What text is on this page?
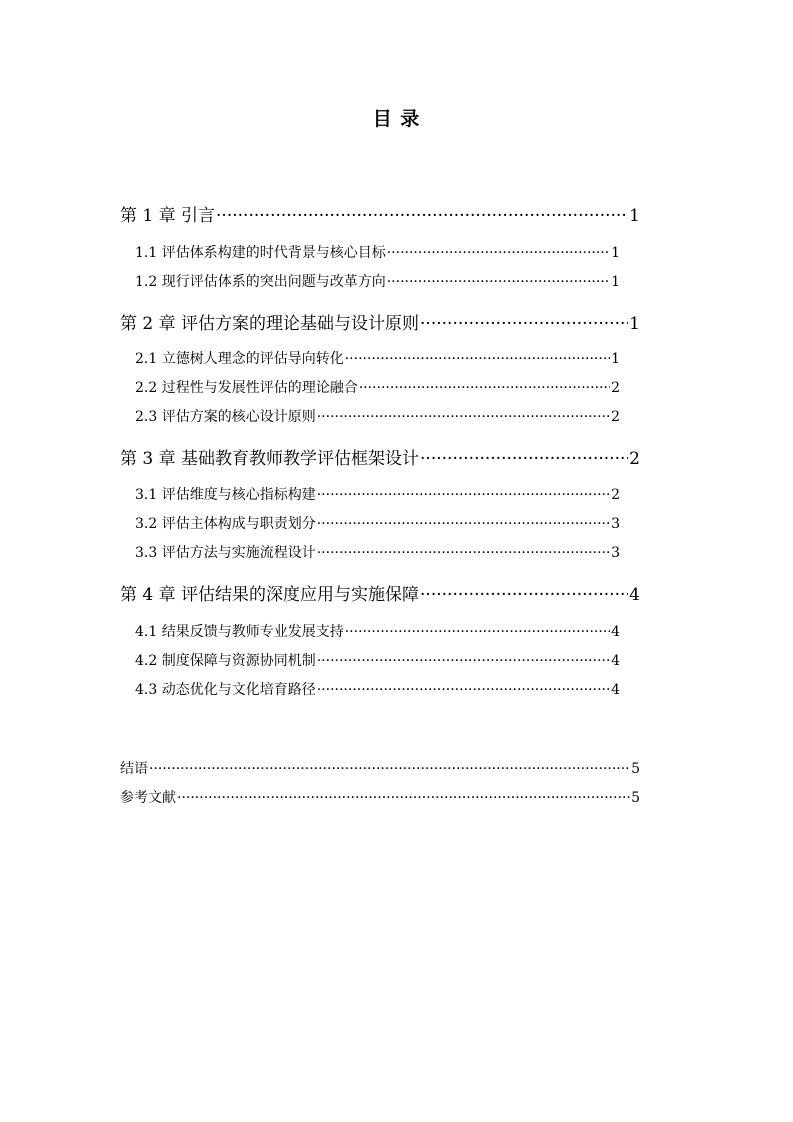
目 录
第 1 章 引言 ·····	1
1.1 评估体系构建的时代背景与核心目标 ·····	1
1.2 现行评估体系的突出问题与改革方向 ·····	1
第 2 章 评估方案的理论基础与设计原则 ·····	1
2.1 立德树人理念的评估导向转化 ·····	1
2.2 过程性与发展性评估的理论融合 ·····	2
2.3 评估方案的核心设计原则 ·····	2
第 3 章 基础教育教师教学评估框架设计 ·····	2
3.1 评估维度与核心指标构建 ·····	2
3.2 评估主体构成与职责划分 ·····	3
3.3 评估方法与实施流程设计 ·····	3
第 4 章 评估结果的深度应用与实施保障 ·····	4
4.1 结果反馈与教师专业发展支持 ·····	4
4.2 制度保障与资源协同机制 ·····	4
4.3 动态优化与文化培育路径 ·····	4
结语 ·····	5
参考文献 ·····	5
